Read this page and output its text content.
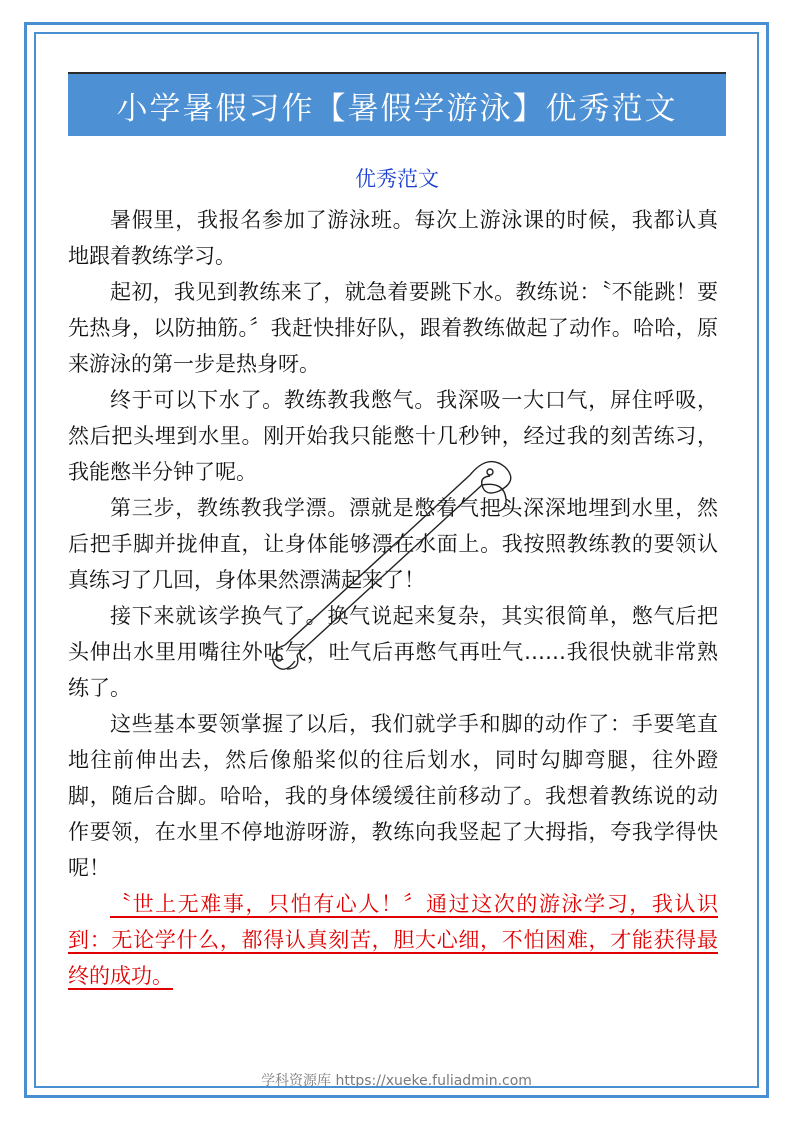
小学暑假习作【暑假学游泳】优秀范文
优秀范文

暑假里，我报名参加了游泳班。每次上游泳课的时候，我都认真地跟着教练学习。

起初，我见到教练来了，就急着要跳下水。教练说：〝不能跳！要先热身，以防抽筋。〞我赶快排好队，跟着教练做起了动作。哈哈，原来游泳的第一步是热身呀。

终于可以下水了。教练教我憋气。我深吸一大口气，屏住呼吸，然后把头埋到水里。刚开始我只能憋十几秒钟，经过我的刻苦练习，我能憋半分钟了呢。

第三步，教练教我学漂。漂就是憋着气把头深深地埋到水里，然后把手脚并拢伸直，让身体能够漂在水面上。我按照教练教的要领认真练习了几回，身体果然漂满起来了！

接下来就该学换气了。换气说起来复杂，其实很简单，憋气后把头伸出水里用嘴往外吐气，吐气后再憋气再吐气……我很快就非常熟练了。

这些基本要领掌握了以后，我们就学手和脚的动作了：手要笔直地往前伸出去，然后像船桨似的往后划水，同时勾脚弯腿，往外蹬脚，随后合脚。哈哈，我的身体缓缓往前移动了。我想着教练说的动作要领，在水里不停地游呀游，教练向我竖起了大拇指，夸我学得快呢！

〝世上无难事，只怕有心人！〞通过这次的游泳学习，我认识到：无论学什么，都得认真刻苦，胆大心细，不怕困难，才能获得最终的成功。

学科资源库 https://xueke.fuliadmin.com
